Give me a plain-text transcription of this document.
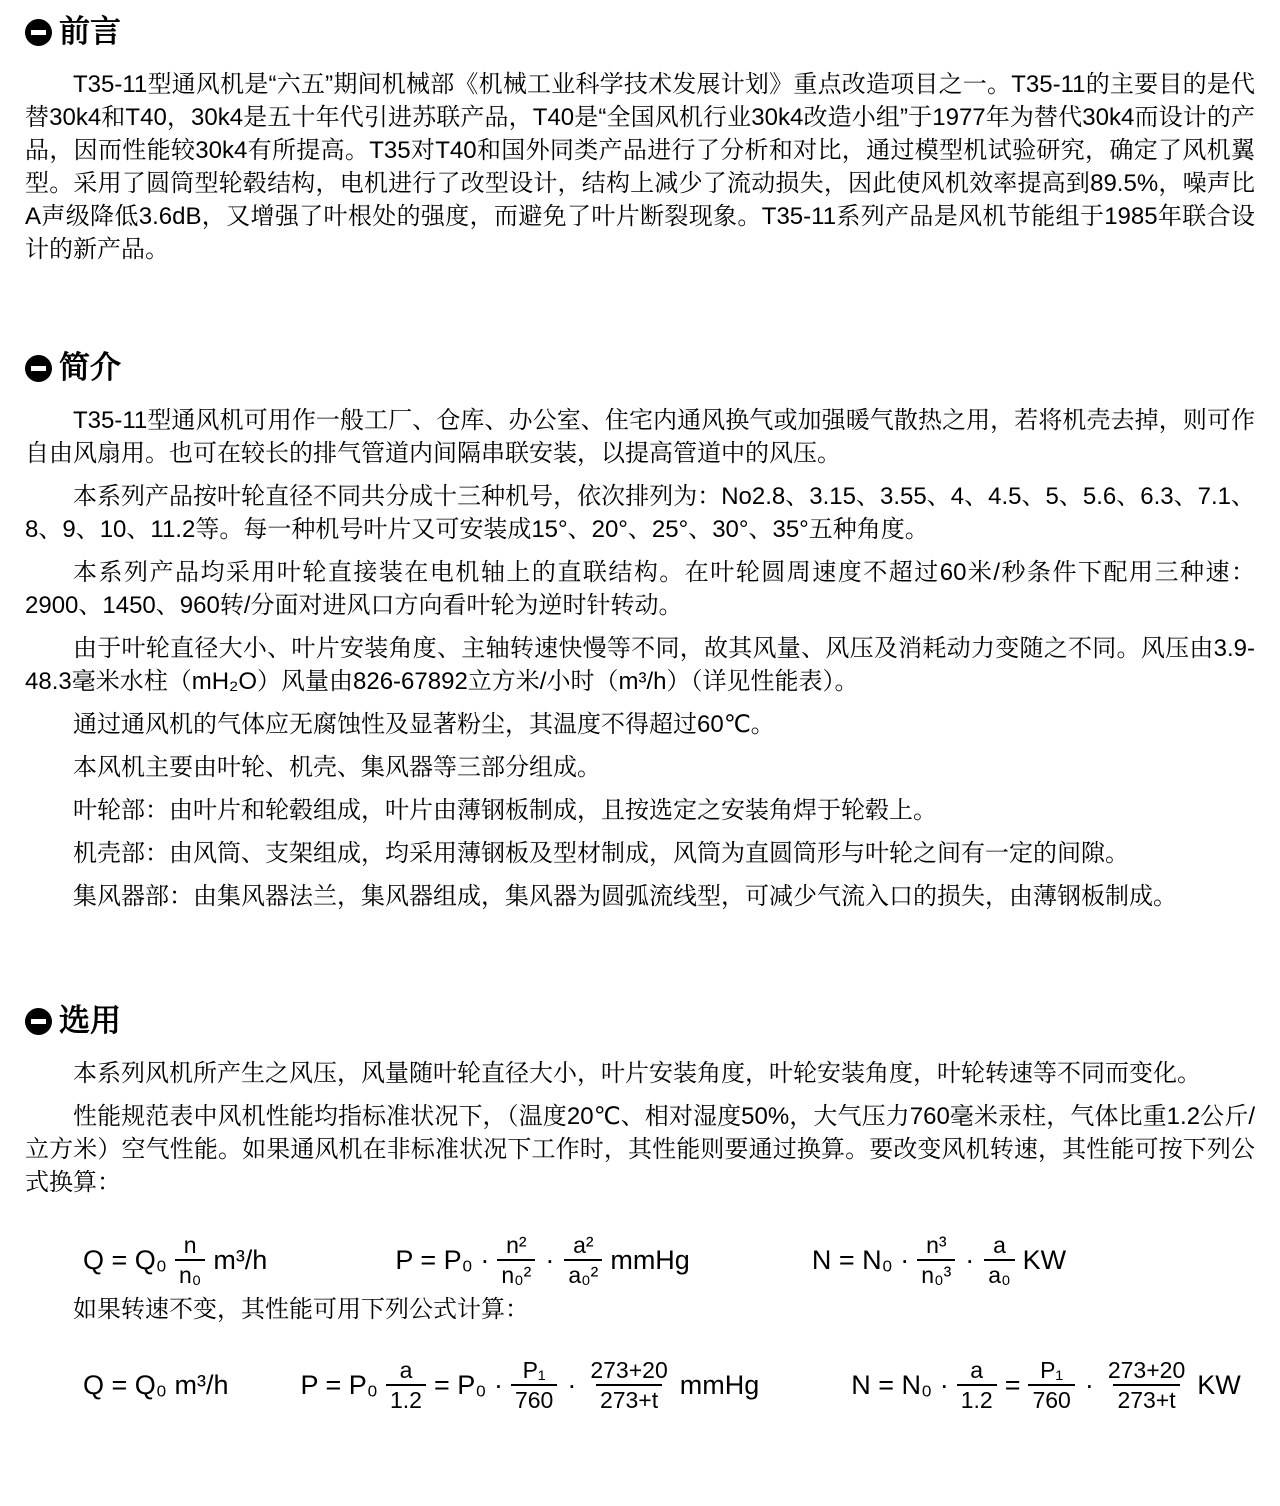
前言

T35-11型通风机是“六五”期间机械部《机械工业科学技术发展计划》重点改造项目之一。T35-11的主要目的是代替30k4和T40，30k4是五十年代引进苏联产品，T40是“全国风机行业30k4改造小组”于1977年为替代30k4而设计的产品，因而性能较30k4有所提高。T35对T40和国外同类产品进行了分析和对比，通过模型机试验研究，确定了风机翼型。采用了圆筒型轮毂结构，电机进行了改型设计，结构上减少了流动损失，因此使风机效率提高到89.5%，噪声比A声级降低3.6dB，又增强了叶根处的强度，而避免了叶片断裂现象。T35-11系列产品是风机节能组于1985年联合设计的新产品。

简介

T35-11型通风机可用作一般工厂、仓库、办公室、住宅内通风换气或加强暖气散热之用，若将机壳去掉，则可作自由风扇用。也可在较长的排气管道内间隔串联安装，以提高管道中的风压。

本系列产品按叶轮直径不同共分成十三种机号，依次排列为：No2.8、3.15、3.55、4、4.5、5、5.6、6.3、7.1、8、9、10、11.2等。每一种机号叶片又可安装成15°、20°、25°、30°、35°五种角度。

本系列产品均采用叶轮直接装在电机轴上的直联结构。在叶轮圆周速度不超过60米/秒条件下配用三种速：2900、1450、960转/分面对进风口方向看叶轮为逆时针转动。

由于叶轮直径大小、叶片安装角度、主轴转速快慢等不同，故其风量、风压及消耗动力变随之不同。风压由3.9-48.3毫米水柱（mH₂O）风量由826-67892立方米/小时（m³/h）（详见性能表）。

通过通风机的气体应无腐蚀性及显著粉尘，其温度不得超过60℃。

本风机主要由叶轮、机壳、集风器等三部分组成。

叶轮部：由叶片和轮毂组成，叶片由薄钢板制成，且按选定之安装角焊于轮毂上。

机壳部：由风筒、支架组成，均采用薄钢板及型材制成，风筒为直圆筒形与叶轮之间有一定的间隙。

集风器部：由集风器法兰，集风器组成，集风器为圆弧流线型，可减少气流入口的损失，由薄钢板制成。

选用

本系列风机所产生之风压，风量随叶轮直径大小，叶片安装角度，叶轮安装角度，叶轮转速等不同而变化。

性能规范表中风机性能均指标准状况下，（温度20℃、相对湿度50%，大气压力760毫米汞柱，气体比重1.2公斤/立方米）空气性能。如果通风机在非标准状况下工作时，其性能则要通过换算。要改变风机转速，其性能可按下列公式换算：

$Q = Q_0 \frac{n}{\text{n₀}} m^3/h$	$P = P_0 \cdot \frac{\text{n²}}{\text{n₀²}} \cdot \frac{\text{a²}}{\text{a₀²}}$ mmHg	$N = N_0 \cdot \frac{\text{n³}}{\text{n₀³}} \cdot \frac{a}{\text{a₀}}$ KW

如果转速不变，其性能可用下列公式计算：

Q = Q₀ m³/h	$P = P_0 \frac{a}{1.2} = P_0 \cdot \frac{\text{P₁}}{760} \cdot \frac{273+20}{273+t}$ mmHg	$N = N_0 \cdot \frac{a}{1.2} = \frac{\text{P₁}}{760} \cdot \frac{273+20}{273+t}$ KW
